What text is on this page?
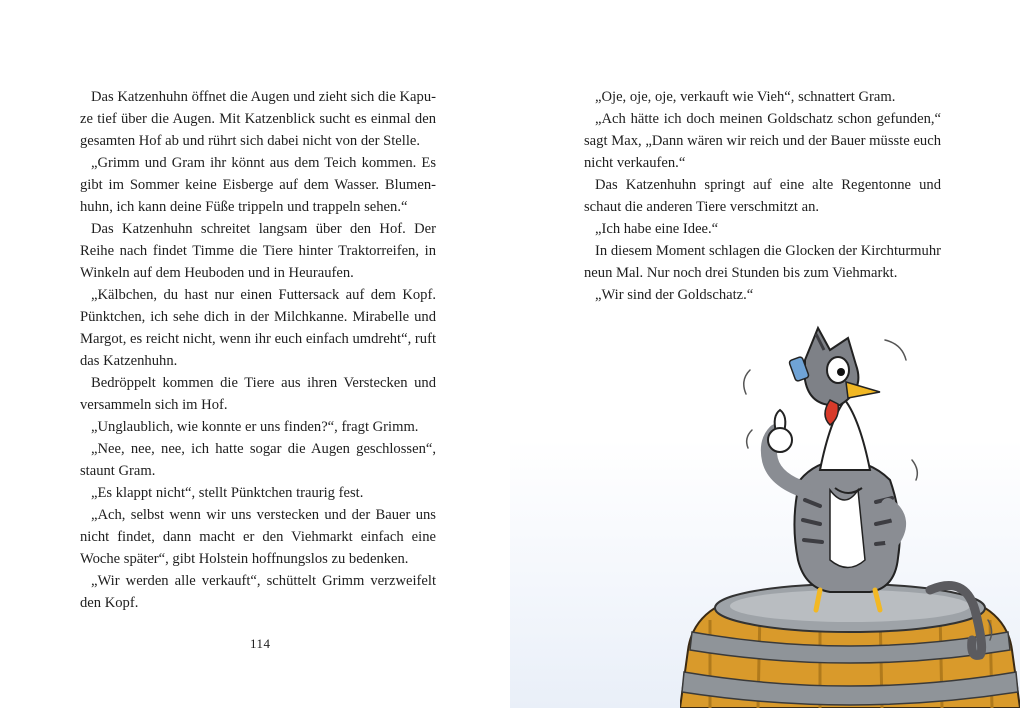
Das Katzenhuhn öffnet die Augen und zieht sich die Kapuze tief über die Augen. Mit Katzenblick sucht es einmal den gesamten Hof ab und rührt sich dabei nicht von der Stelle.

„Grimm und Gram ihr könnt aus dem Teich kommen. Es gibt im Sommer keine Eisberge auf dem Wasser. Blumenhuhn, ich kann deine Füße trippeln und trappeln sehen.“

Das Katzenhuhn schreitet langsam über den Hof. Der Reihe nach findet Timme die Tiere hinter Traktorreifen, in Winkeln auf dem Heuboden und in Heuraufen.

„Kälbchen, du hast nur einen Futtersack auf dem Kopf. Pünktchen, ich sehe dich in der Milchkanne. Mirabelle und Margot, es reicht nicht, wenn ihr euch einfach umdreht“, ruft das Katzenhuhn.

Bedröppelt kommen die Tiere aus ihren Verstecken und versammeln sich im Hof.

„Unglaublich, wie konnte er uns finden?“, fragt Grimm.

„Nee, nee, nee, ich hatte sogar die Augen geschlossen“, staunt Gram.

„Es klappt nicht“, stellt Pünktchen traurig fest.

„Ach, selbst wenn wir uns verstecken und der Bauer uns nicht findet, dann macht er den Viehmarkt einfach eine Woche später“, gibt Holstein hoffnungslos zu bedenken.

„Wir werden alle verkauft“, schüttelt Grimm verzweifelt den Kopf.

114

„Oje, oje, oje, verkauft wie Vieh“, schnattert Gram.

„Ach hätte ich doch meinen Goldschatz schon gefunden,“ sagt Max, „Dann wären wir reich und der Bauer müsste euch nicht verkaufen.“

Das Katzenhuhn springt auf eine alte Regentonne und schaut die anderen Tiere verschmitzt an.

„Ich habe eine Idee.“

In diesem Moment schlagen die Glocken der Kirchturmuhr neun Mal. Nur noch drei Stunden bis zum Viehmarkt.

„Wir sind der Goldschatz.“
